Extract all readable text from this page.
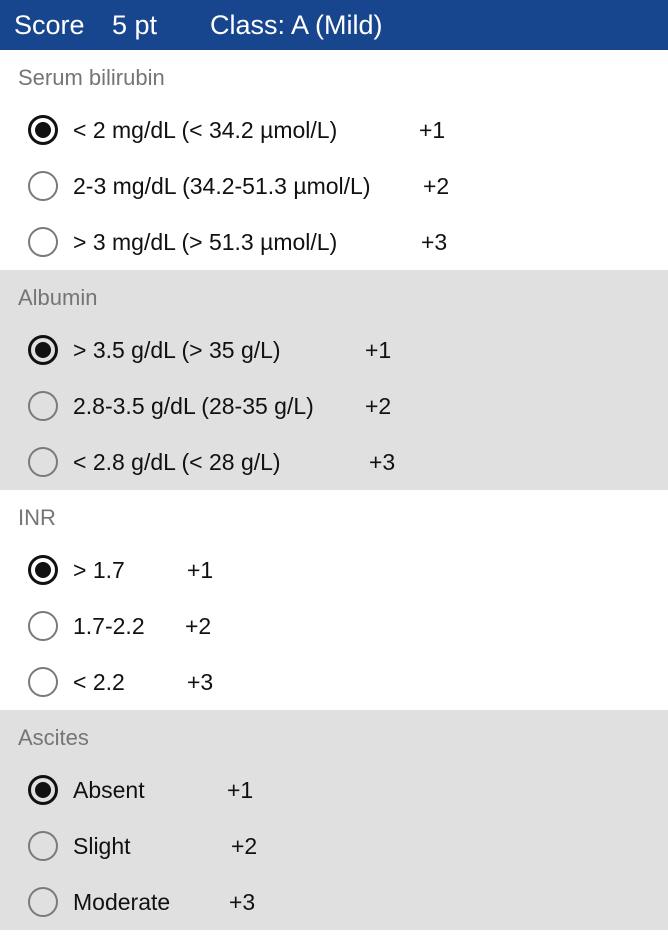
Score	5 pt	Class: A (Mild)
Serum bilirubin
< 2 mg/dL (< 34.2 µmol/L)	+1
2-3 mg/dL (34.2-51.3 µmol/L)	+2
> 3 mg/dL (> 51.3 µmol/L)	+3
Albumin
> 3.5 g/dL (> 35 g/L)	+1
2.8-3.5 g/dL (28-35 g/L)	+2
< 2.8 g/dL (< 28 g/L)	+3
INR
> 1.7	+1
1.7-2.2	+2
< 2.2	+3
Ascites
Absent	+1
Slight	+2
Moderate	+3
